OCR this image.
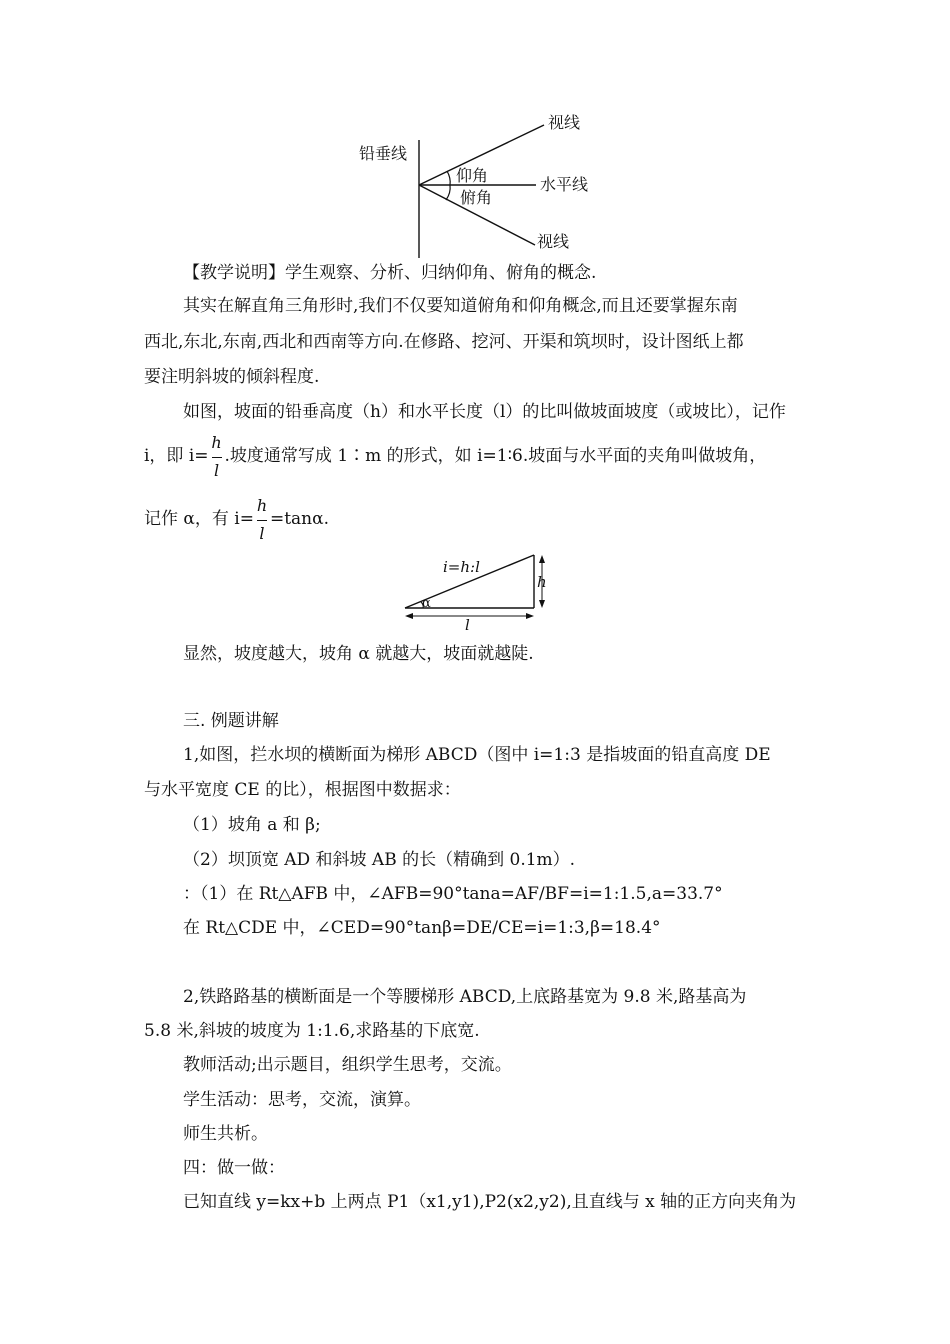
铅垂线
视线
仰角	水平线
俯角
视线
【教学说明】学生观察、分析、归纳仰角、俯角的概念.
其实在解直角三角形时,我们不仅要知道俯角和仰角概念,而且还要掌握东南
西北,东北,东南,西北和西南等方向.在修路、挖河、开渠和筑坝时，设计图纸上都
要注明斜坡的倾斜程度.
如图，坡面的铅垂高度（h）和水平长度（l）的比叫做坡面坡度（或坡比），记作
i，即 $i= \frac{h}{l}$ .坡度通常写成 1∶m 的形式，如 i=1∶6.坡面与水平面的夹角叫做坡角，
记作 α，有 $i= \frac{h}{l} =\tan\alpha$.
i=h:l
h
α
l
显然，坡度越大，坡角 α 就越大，坡面就越陡.
三. 例题讲解
1,如图，拦水坝的横断面为梯形 ABCD（图中 i=1:3 是指坡面的铅直高度 DE
与水平宽度 CE 的比），根据图中数据求：
（1）坡角 a 和 β;
（2）坝顶宽 AD 和斜坡 AB 的长（精确到 0.1m）.
：（1）在 Rt△AFB 中，∠AFB=90°tana=AF/BF=i=1:1.5,a=33.7°
在 Rt△CDE 中，∠CED=90°tanβ=DE/CE=i=1:3,β=18.4°
2,铁路路基的横断面是一个等腰梯形 ABCD,上底路基宽为 9.8 米,路基高为
5.8 米,斜坡的坡度为 1:1.6,求路基的下底宽.
教师活动;出示题目，组织学生思考，交流。
学生活动：思考，交流，演算。
师生共析。
四：做一做：
已知直线 y=kx+b 上两点 P1（x1,y1),P2(x2,y2),且直线与 x 轴的正方向夹角为
